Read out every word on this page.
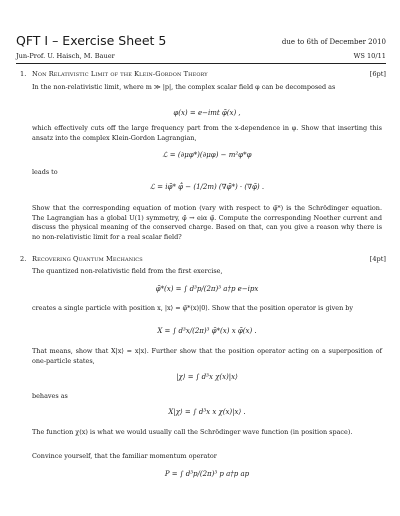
QFT I – Exercise Sheet 5	due to 6th of December 2010
Jun-Prof. U. Haisch, M. Bauer	WS 10/11
1. Non Relativistic Limit of the Klein-Gordon Theory	[6pt]
In the non-relativistic limit, where m ≫ |p|, the complex scalar field φ can be decomposed as
φ(x) = e−imt φ̃(x) ,
which effectively cuts off the large frequency part from the x-dependence in φ. Show that inserting this ansatz into the complex Klein-Gordon Lagrangian,
ℒ = (∂μφ*)(∂μφ) − m²φ*φ
leads to
ℒ = iφ̃* φ̃̇ − (1/2m) (∇φ̃*) · (∇φ̃) .
Show that the corresponding equation of motion (vary with respect to φ̃*) is the Schrödinger equation. The Lagrangian has a global U(1) symmetry, φ̃ → eiα φ̃. Compute the corresponding Noether current and discuss the physical meaning of the conserved charge. Based on that, can you give a reason why there is no non-relativistic limit for a real scalar field?
2. Recovering Quantum Mechanics	[4pt]
The quantized non-relativistic field from the first exercise,
φ̃*(x) = ∫ d³p/(2π)³ a†p e−ipx
creates a single particle with position x, |x⟩ = φ̃*(x)|0⟩. Show that the position operator is given by
X = ∫ d³x/(2π)³ φ̃*(x) x φ̃(x) .
That means, show that X|x⟩ = x|x⟩. Further show that the position operator acting on a superposition of one-particle states,
|χ⟩ = ∫ d³x χ(x)|x⟩
behaves as
X|χ⟩ = ∫ d³x x χ(x)|x⟩ .
The function χ(x) is what we would usually call the Schrödinger wave function (in position space).
Convince yourself, that the familiar momentum operator
P = ∫ d³p/(2π)³ p a†p ap
